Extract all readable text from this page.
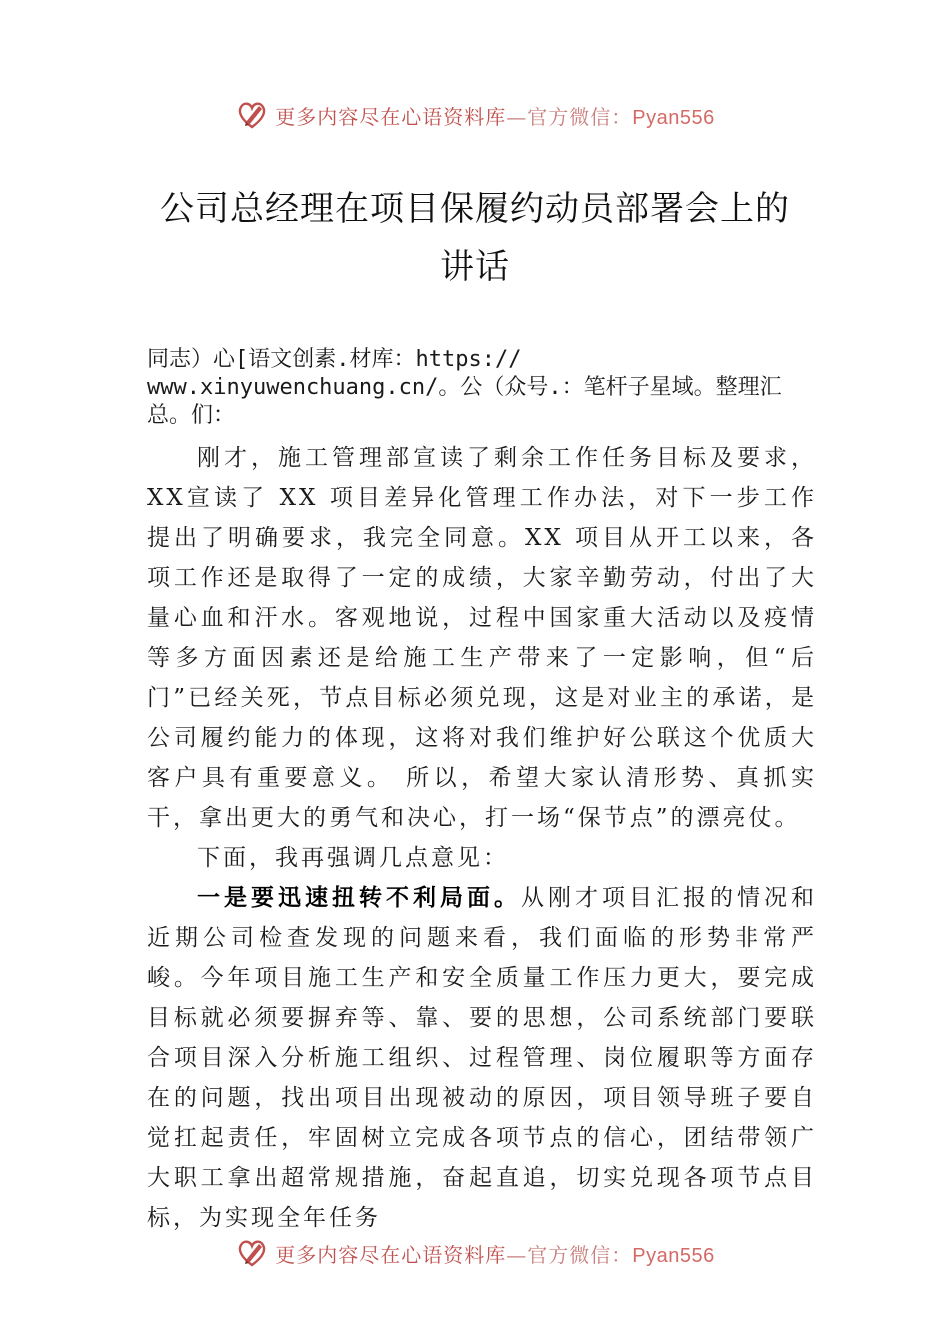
更多内容尽在心语资料库—官方微信：Pyan556
公司总经理在项目保履约动员部署会上的
讲话
同志）心[语文创素.材库：https://
www.xinyuwenchuang.cn/。公（众号.：笔杆子星域。整理汇
总。们：

刚才，施工管理部宣读了剩余工作任务目标及要求，XX宣读了 XX 项目差异化管理工作办法，对下一步工作提出了明确要求，我完全同意。XX 项目从开工以来，各项工作还是取得了一定的成绩，大家辛勤劳动，付出了大量心血和汗水。客观地说，过程中国家重大活动以及疫情等多方面因素还是给施工生产带来了一定影响，但“后门”已经关死，节点目标必须兑现，这是对业主的承诺，是公司履约能力的体现，这将对我们维护好公联这个优质大客户具有重要意义。 所以，希望大家认清形势、真抓实干，拿出更大的勇气和决心，打一场“保节点”的漂亮仗。

下面，我再强调几点意见：

一是要迅速扭转不利局面。从刚才项目汇报的情况和近期公司检查发现的问题来看，我们面临的形势非常严峻。今年项目施工生产和安全质量工作压力更大，要完成目标就必须要摒弃等、靠、要的思想，公司系统部门要联合项目深入分析施工组织、过程管理、岗位履职等方面存在的问题，找出项目出现被动的原因，项目领导班子要自觉扛起责任，牢固树立完成各项节点的信心，团结带领广大职工拿出超常规措施，奋起直追，切实兑现各项节点目标，为实现全年任务

更多内容尽在心语资料库—官方微信：Pyan556
